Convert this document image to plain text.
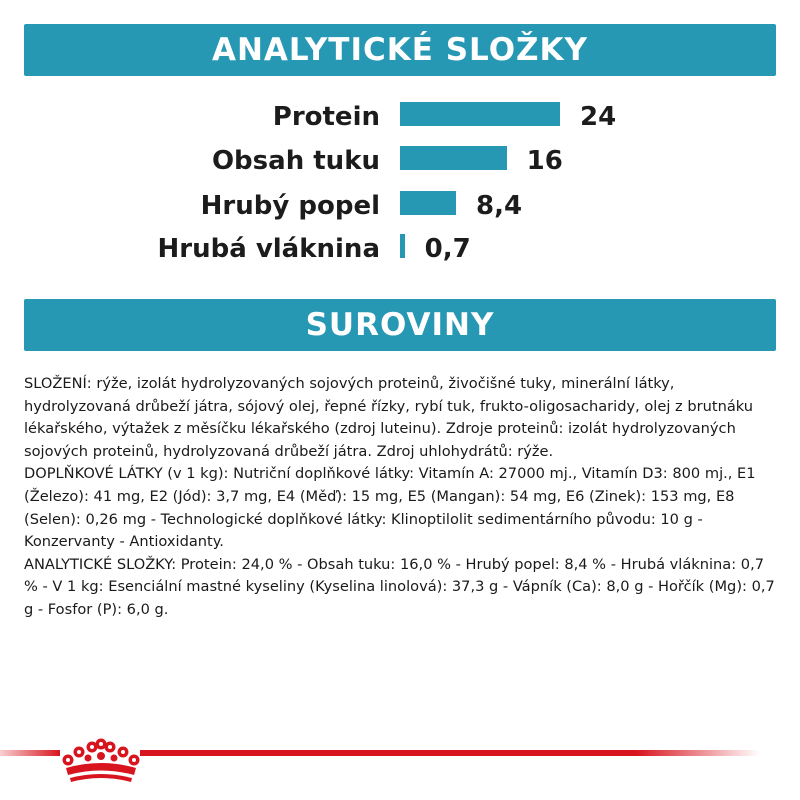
ANALYTICKÉ SLOŽKY
Protein	24
Obsah tuku	16
Hrubý popel	8,4
Hrubá vláknina 0,7
SUROVINY

SLOŽENÍ: rýže, izolát hydrolyzovaných sojových proteinů, živočišné tuky, minerální látky, hydrolyzovaná drůbeží játra, sójový olej, řepné řízky, rybí tuk, frukto-oligosacharidy, olej z brutnáku lékařského, výtažek z měsíčku lékařského (zdroj luteinu). Zdroje proteinů: izolát hydrolyzovaných sojových proteinů, hydrolyzovaná drůbeží játra. Zdroj uhlohydrátů: rýže.

DOPLŇKOVÉ LÁTKY (v 1 kg): Nutriční doplňkové látky: Vitamín A: 27000 mj., Vitamín D3: 800 mj., E1 (Železo): 41 mg, E2 (Jód): 3,7 mg, E4 (Měď): 15 mg, E5 (Mangan): 54 mg, E6 (Zinek): 153 mg, E8 (Selen): 0,26 mg - Technologické doplňkové látky: Klinoptilolit sedimentárního původu: 10 g - Konzervanty - Antioxidanty.

ANALYTICKÉ SLOŽKY: Protein: 24,0 % - Obsah tuku: 16,0 % - Hrubý popel: 8,4 % - Hrubá vláknina: 0,7 % - V 1 kg: Esenciální mastné kyseliny (Kyselina linolová): 37,3 g - Vápník (Ca): 8,0 g - Hořčík (Mg): 0,7 g - Fosfor (P): 6,0 g.
